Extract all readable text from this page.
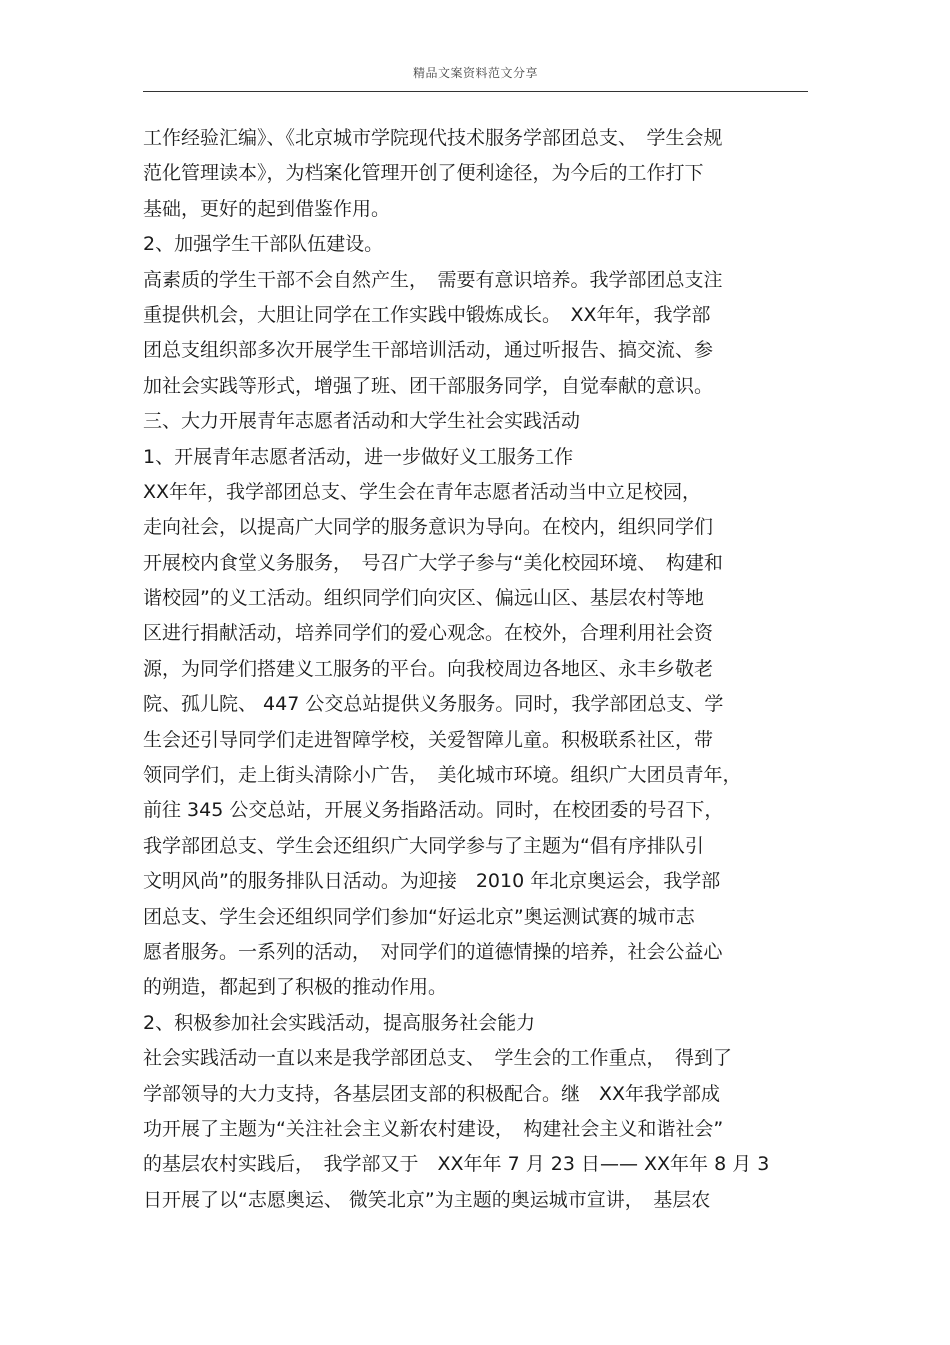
精品文案资料范文分享
工作经验汇编》、《北京城市学院现代技术服务学部团总支、　学生会规
范化管理读本》，为档案化管理开创了便利途径，为今后的工作打下
基础，更好的起到借鉴作用。
2、加强学生干部队伍建设。
高素质的学生干部不会自然产生，　需要有意识培养。我学部团总支注
重提供机会，大胆让同学在工作实践中锻炼成长。　XX年年，我学部
团总支组织部多次开展学生干部培训活动，通过听报告、搞交流、参
加社会实践等形式，增强了班、团干部服务同学，自觉奉献的意识。
三、大力开展青年志愿者活动和大学生社会实践活动
1、开展青年志愿者活动，进一步做好义工服务工作
XX年年，我学部团总支、学生会在青年志愿者活动当中立足校园，
走向社会，以提高广大同学的服务意识为导向。在校内，组织同学们
开展校内食堂义务服务，　号召广大学子参与“美化校园环境、　构建和
谐校园”的义工活动。组织同学们向灾区、偏远山区、基层农村等地
区进行捐献活动，培养同学们的爱心观念。在校外，合理利用社会资
源，为同学们搭建义工服务的平台。向我校周边各地区、永丰乡敬老
院、孤儿院、 447 公交总站提供义务服务。同时，我学部团总支、学
生会还引导同学们走进智障学校，关爱智障儿童。积极联系社区，带
领同学们，走上街头清除小广告，　美化城市环境。组织广大团员青年，
前往 345 公交总站，开展义务指路活动。同时，在校团委的号召下，
我学部团总支、学生会还组织广大同学参与了主题为“倡有序排队引
文明风尚”的服务排队日活动。为迎接　2010 年北京奥运会，我学部
团总支、学生会还组织同学们参加“好运北京”奥运测试赛的城市志
愿者服务。一系列的活动，　对同学们的道德情操的培养，社会公益心
的朔造，都起到了积极的推动作用。
2、积极参加社会实践活动，提高服务社会能力
社会实践活动一直以来是我学部团总支、　学生会的工作重点，　得到了
学部领导的大力支持，各基层团支部的积极配合。继　XX年我学部成
功开展了主题为“关注社会主义新农村建设，　构建社会主义和谐社会”
的基层农村实践后，　我学部又于　XX年年 7 月 23 日—— XX年年 8 月 3
日开展了以“志愿奥运、 微笑北京”为主题的奥运城市宣讲，　基层农
